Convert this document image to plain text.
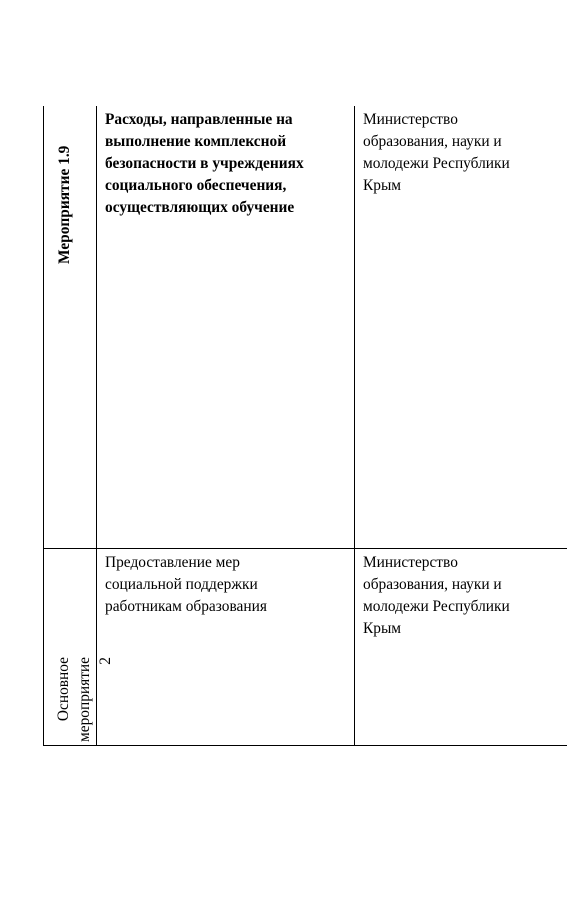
Мероприятие 1.9
Расходы, направленные на
выполнение комплексной
безопасности в учреждениях
социального обеспечения,
осуществляющих обучение
Министерство
образования, науки и
молодежи Республики
Крым
Основное мероприятие
2
Предоставление мер
социальной поддержки
работникам образования
Министерство
образования, науки и
молодежи Республики
Крым
